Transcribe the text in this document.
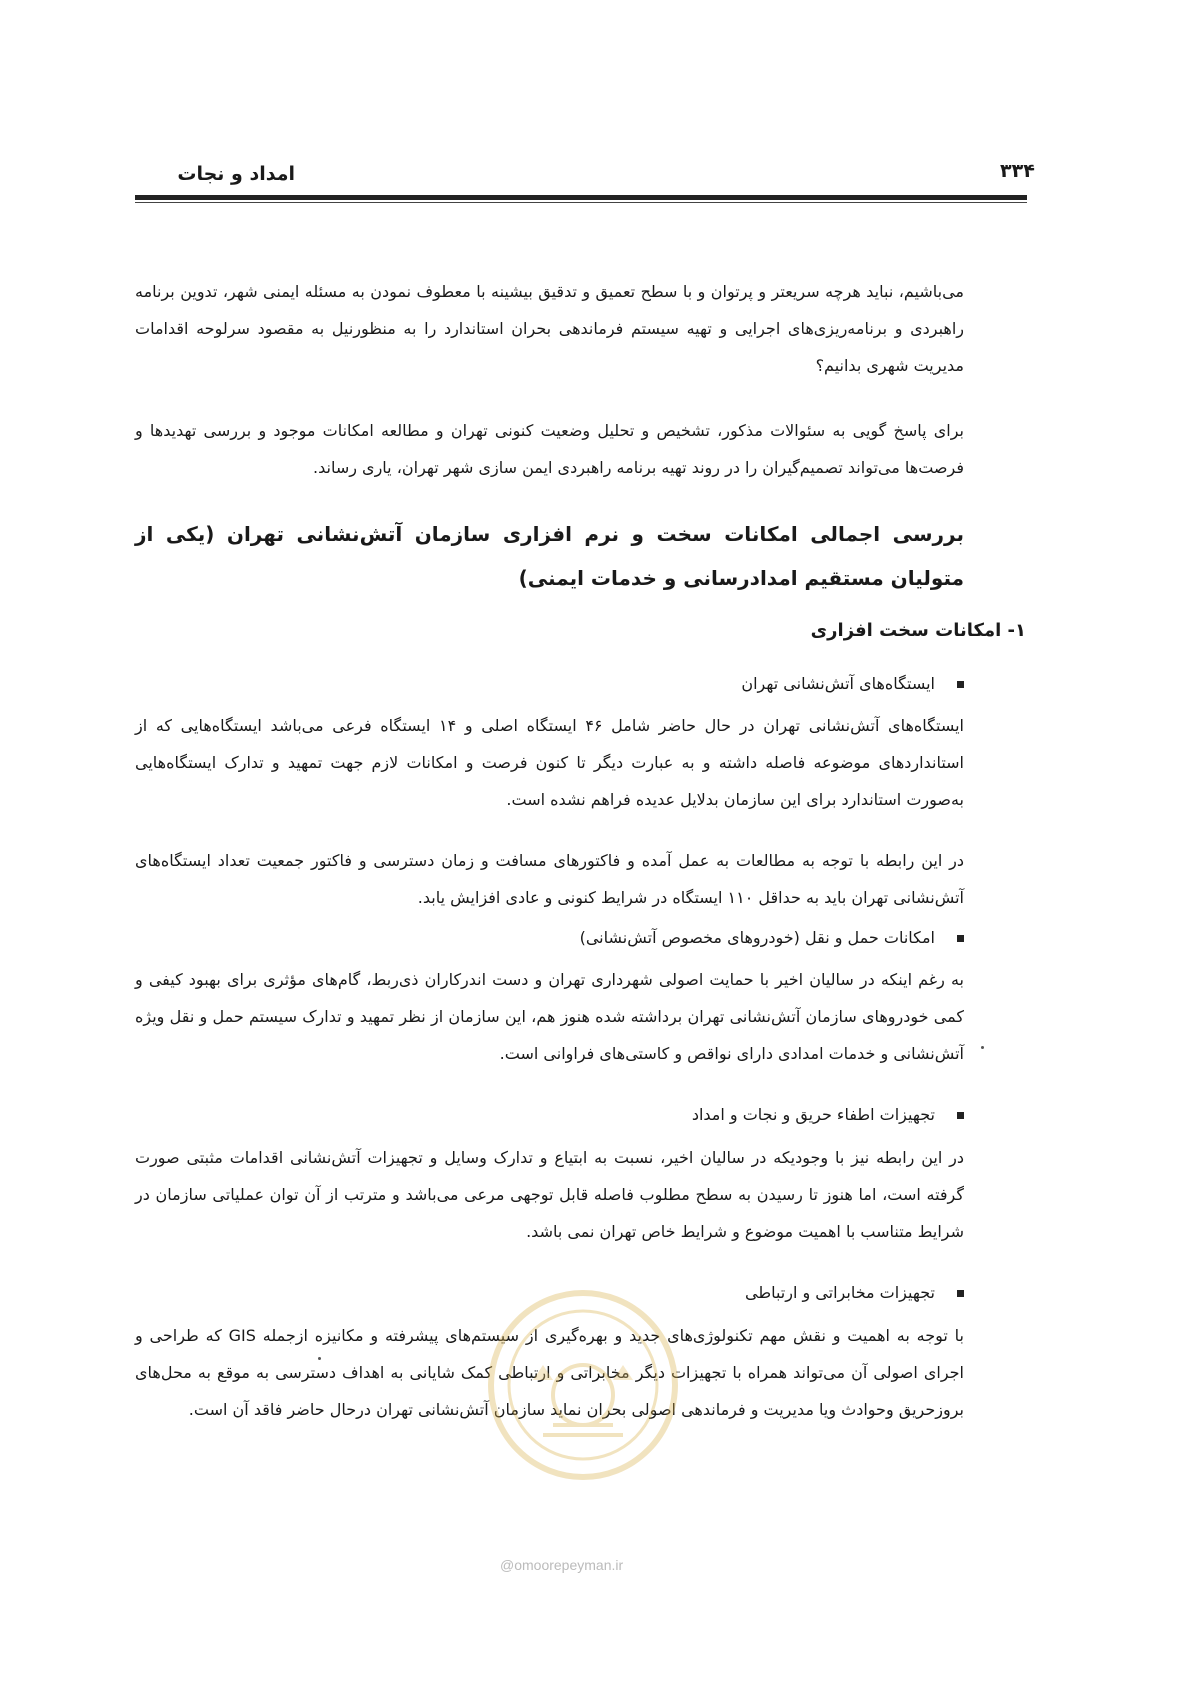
امداد و نجات	۳۳۴
می‌باشیم، نباید هرچه سریعتر و پرتوان و با سطح تعمیق و تدقیق بیشینه با معطوف نمودن به مسئله ایمنی شهر، تدوین برنامه راهبردی و برنامه‌ریزی‌های اجرایی و تهیه سیستم فرماندهی بحران استاندارد را به منظورنیل به مقصود سرلوحه اقدامات مدیریت شهری بدانیم؟
برای پاسخ گویی به سئوالات مذکور، تشخیص و تحلیل وضعیت کنونی تهران و مطالعه امکانات موجود و بررسی تهدیدها و فرصت‌ها می‌تواند تصمیم‌گیران را در روند تهیه برنامه راهبردی ایمن سازی شهر تهران، یاری رساند.
بررسی اجمالی امکانات سخت و نرم افزاری سازمان آتش‌نشانی تهران (یکی از متولیان مستقیم امدادرسانی و خدمات ایمنی)
۱- امکانات سخت افزاری
ایستگاه‌های آتش‌نشانی تهران
ایستگاه‌های آتش‌نشانی تهران در حال حاضر شامل ۴۶ ایستگاه اصلی و ۱۴ ایستگاه فرعی می‌باشد ایستگاه‌هایی که از استانداردهای موضوعه فاصله داشته و به عبارت دیگر تا کنون فرصت و امکانات لازم جهت تمهید و تدارک ایستگاه‌هایی به‌صورت استاندارد برای این سازمان بدلایل عدیده فراهم نشده است.
در این رابطه با توجه به مطالعات به عمل آمده و فاکتورهای مسافت و زمان دسترسی و فاکتور جمعیت تعداد ایستگاه‌های آتش‌نشانی تهران باید به حداقل ۱۱۰ ایستگاه در شرایط کنونی و عادی افزایش یابد.
امکانات حمل و نقل (خودروهای مخصوص آتش‌نشانی)
به رغم اینکه در سالیان اخیر با حمایت اصولی شهرداری تهران و دست اندرکاران ذی‌ربط، گام‌های مؤثری برای بهبود کیفی و کمی خودروهای سازمان آتش‌نشانی تهران برداشته شده هنوز هم، این سازمان از نظر تمهید و تدارک سیستم حمل و نقل ویژه آتش‌نشانی و خدمات امدادی دارای نواقص و کاستی‌های فراوانی است.
تجهیزات اطفاء حریق و نجات و امداد
در این رابطه نیز با وجودیکه در سالیان اخیر، نسبت به ابتیاع و تدارک وسایل و تجهیزات آتش‌نشانی اقدامات مثبتی صورت گرفته است، اما هنوز تا رسیدن به سطح مطلوب فاصله قابل توجهی مرعی می‌باشد و مترتب از آن توان عملیاتی سازمان در شرایط متناسب با اهمیت موضوع و شرایط خاص تهران نمی باشد.
تجهیزات مخابراتی و ارتباطی
با توجه به اهمیت و نقش مهم تکنولوژی‌های جدید و بهره‌گیری از سیستم‌های پیشرفته و مکانیزه ازجمله GIS که طراحی و اجرای اصولی آن می‌تواند همراه با تجهیزات دیگر مخابراتی و ارتباطی کمک شایانی به اهداف دسترسی به موقع به محل‌های بروزحریق وحوادث ویا مدیریت و فرماندهی اصولی بحران نماید سازمان آتش‌نشانی تهران درحال حاضر فاقد آن است.
@omoorepeyman.ir
